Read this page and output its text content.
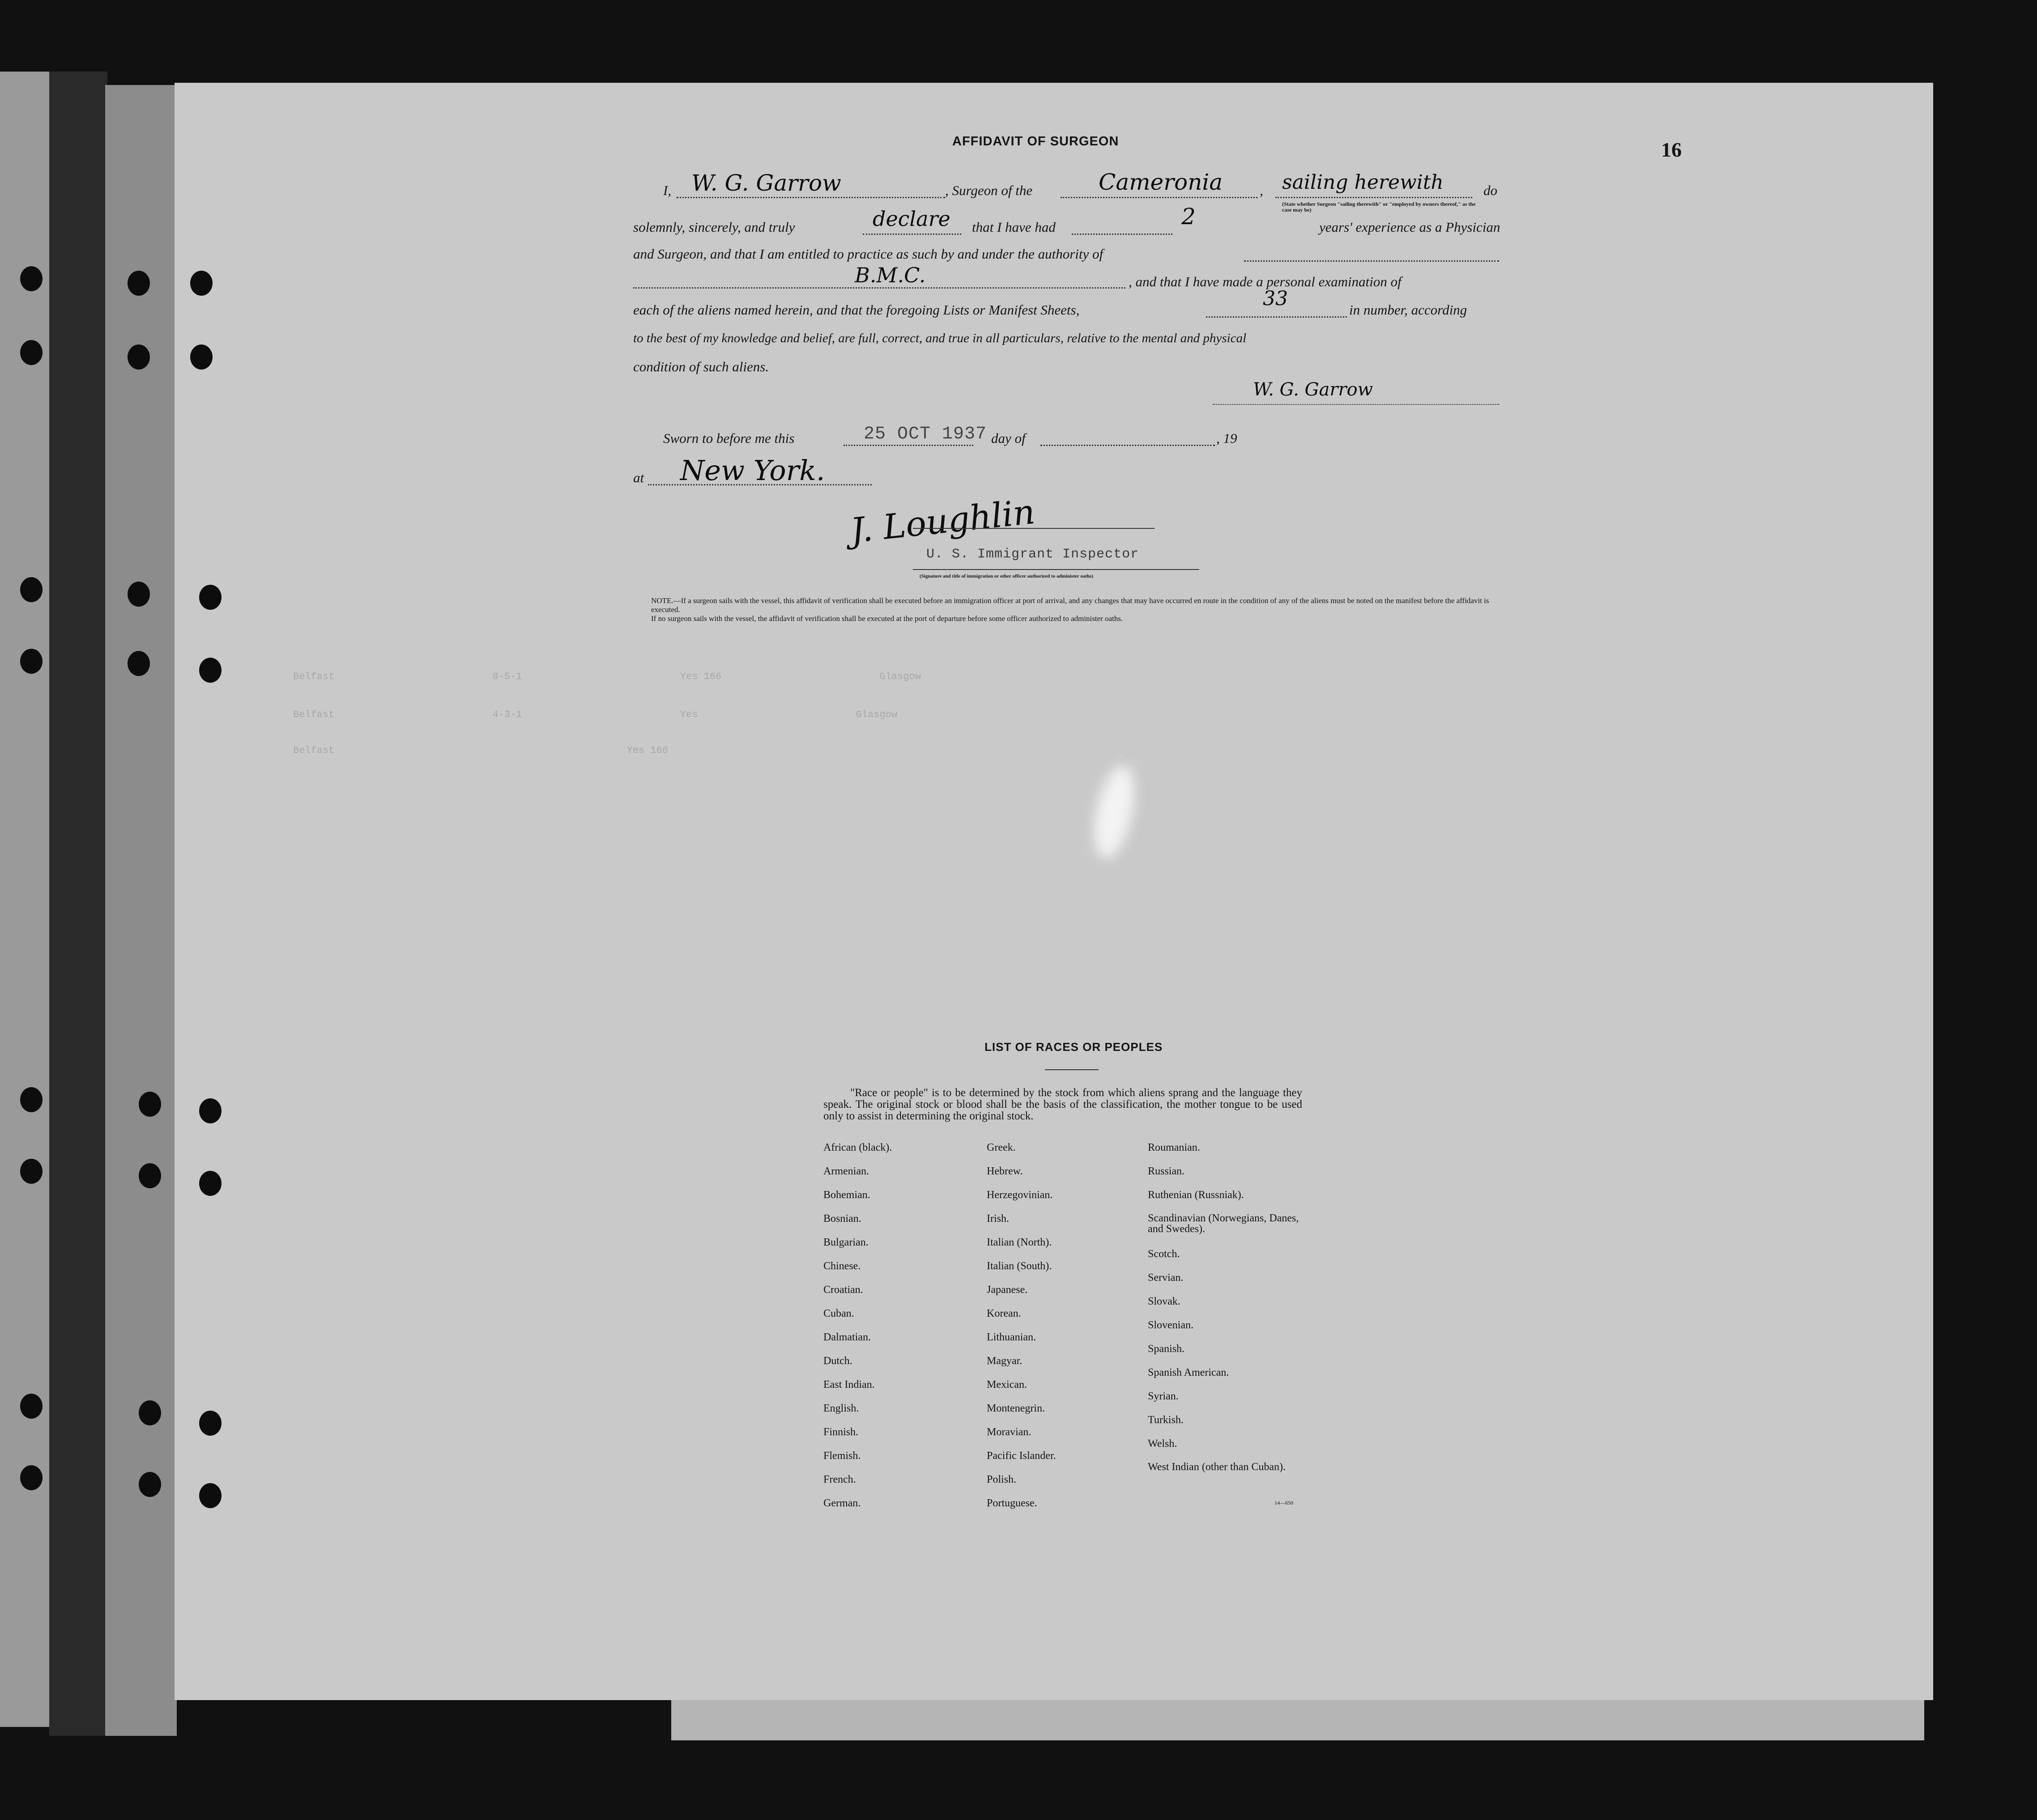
16
AFFIDAVIT OF SURGEON
I, W. G. Garrow	, Surgeon of the	Cameronia	, sailing herewith	do
(State whether Surgeon "sailing therewith" or "employed by owners thereof," as the case may be)
solemnly, sincerely, and truly	declare that I have had	2	years' experience as a Physician
and Surgeon, and that I am entitled to practice as such by and under the authority of
B.M.C.	, and that I have made a personal examination of
each of the aliens named herein, and that the foregoing Lists or Manifest Sheets,	33	in number, according
to the best of my knowledge and belief, are full, correct, and true in all particulars, relative to the mental and physical
condition of such aliens.
W. G. Garrow
Sworn to before me this	25 OCT 1937 day of	, 19
at New York.
J. Loughlin
U. S. Immigrant Inspector
(Signature and title of immigration or other officer authorized to administer oaths)
NOTE.—If a surgeon sails with the vessel, this affidavit of verification shall be executed before an immigration officer at port of arrival, and any changes that may have occurred en route in the condition of any of the aliens must be noted on the manifest before the affidavit is executed.
If no surgeon sails with the vessel, the affidavit of verification shall be executed at the port of departure before some officer authorized to administer oaths.
Belfast	8-5-1	Yes 166	Glasgow
Belfast	4-3-1	Yes	Glasgow
Belfast	Yes 166
LIST OF RACES OR PEOPLES
"Race or people" is to be determined by the stock from which aliens sprang and the language they speak. The original stock or blood shall be the basis of the classification, the mother tongue to be used only to assist in determining the original stock.
African (black).
Armenian.
Bohemian.
Bosnian.
Bulgarian.
Chinese.
Croatian.
Cuban.
Dalmatian.
Dutch.
East Indian.
English.
Finnish.
Flemish.
French.
German.
Greek.
Hebrew.
Herzegovinian.
Irish.
Italian (North).
Italian (South).
Japanese.
Korean.
Lithuanian.
Magyar.
Mexican.
Montenegrin.
Moravian.
Pacific Islander.
Polish.
Portuguese.
Roumanian.
Russian.
Ruthenian (Russniak).
Scandinavian (Norwegians, Danes, and Swedes).
Scotch.
Servian.
Slovak.
Slovenian.
Spanish.
Spanish American.
Syrian.
Turkish.
Welsh.
West Indian (other than Cuban).
14—650
